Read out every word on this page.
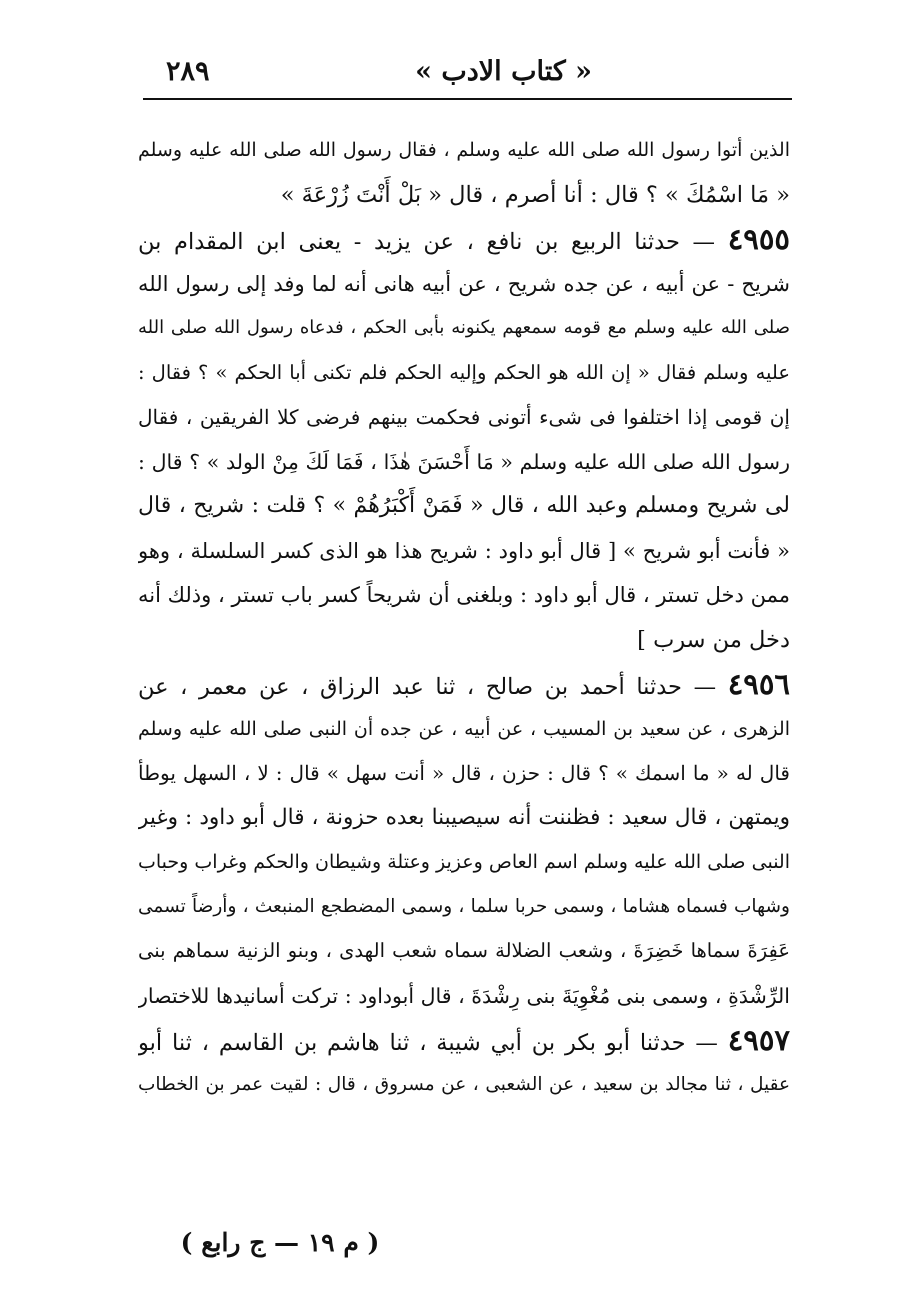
« كتاب الادب »
٢٨٩
الذين أتوا رسول الله صلى الله عليه وسلم ، فقال رسول الله صلى الله عليه وسلم
« مَا اسْمُكَ » ؟ قال : أنا أصرم ، قال « بَلْ أَنْتَ زُرْعَةَ »
٤٩٥٥ — حدثنا الربيع بن نافع ، عن يزيد - يعنى ابن المقدام بن
شريح - عن أبيه ، عن جده شريح ، عن أبيه هانى أنه لما وفد إلى رسول الله
صلى الله عليه وسلم مع قومه سمعهم يكنونه بأبى الحكم ، فدعاه رسول الله صلى الله
عليه وسلم فقال « إن الله هو الحكم وإليه الحكم فلم تكنى أبا الحكم » ؟ فقال :
إن قومى إذا اختلفوا فى شىء أتونى فحكمت بينهم فرضى كلا الفريقين ، فقال
رسول الله صلى الله عليه وسلم « مَا أَحْسَنَ هٰذَا ، فَمَا لَكَ مِنْ الولد » ؟ قال :
لى شريح ومسلم وعبد الله ، قال « فَمَنْ أَكْبَرُهُمْ » ؟ قلت : شريح ، قال
« فأنت أبو شريح » [ قال أبو داود : شريح هذا هو الذى كسر السلسلة ، وهو
ممن دخل تستر ، قال أبو داود : وبلغنى أن شريحاً كسر باب تستر ، وذلك أنه
دخل من سرب ]
٤٩٥٦ — حدثنا أحمد بن صالح ، ثنا عبد الرزاق ، عن معمر ، عن
الزهرى ، عن سعيد بن المسيب ، عن أبيه ، عن جده أن النبى صلى الله عليه وسلم
قال له « ما اسمك » ؟ قال : حزن ، قال « أنت سهل » قال : لا ، السهل يوطأ
ويمتهن ، قال سعيد : فظننت أنه سيصيبنا بعده حزونة ، قال أبو داود : وغير
النبى صلى الله عليه وسلم اسم العاص وعزيز وعتلة وشيطان والحكم وغراب وحباب
وشهاب فسماه هشاما ، وسمى حربا سلما ، وسمى المضطجع المنبعث ، وأرضاً تسمى
عَفِرَةَ سماها خَضِرَةَ ، وشعب الضلالة سماه شعب الهدى ، وبنو الزنية سماهم بنى
الرِّشْدَةِ ، وسمى بنى مُغْوِيَةَ بنى رِشْدَةَ ، قال أبوداود : تركت أسانيدها للاختصار
٤٩٥٧ — حدثنا أبو بكر بن أبي شيبة ، ثنا هاشم بن القاسم ، ثنا أبو
عقيل ، ثنا مجالد بن سعيد ، عن الشعبى ، عن مسروق ، قال : لقيت عمر بن الخطاب
( م ١٩ — ج رابع )
